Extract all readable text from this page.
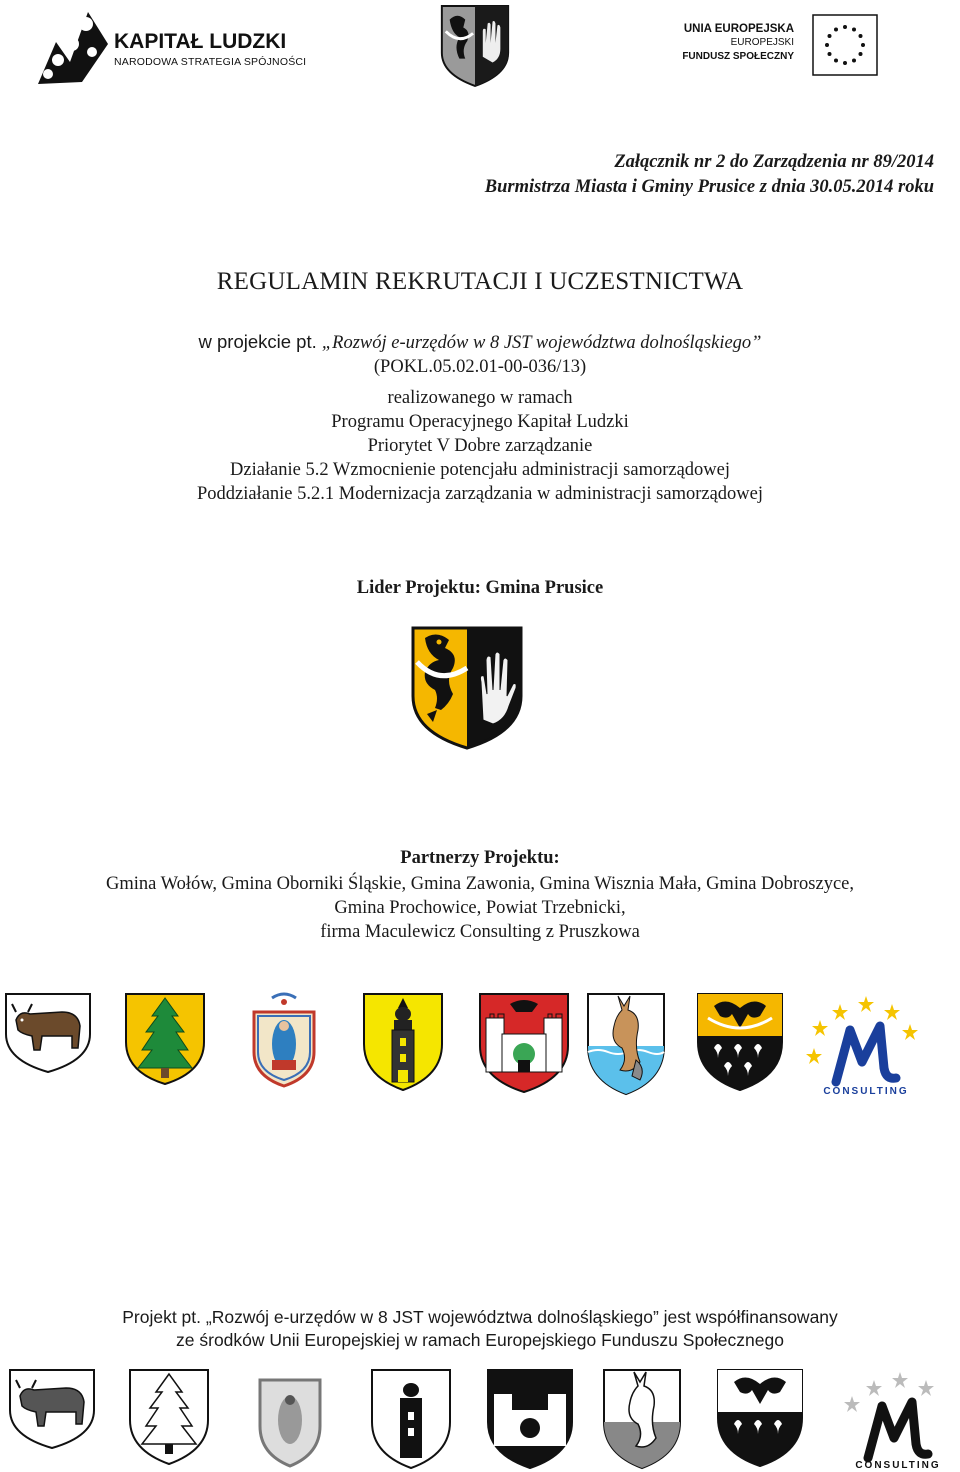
KAPITAŁ LUDZKI
NARODOWA STRATEGIA SPÓJNOŚCI
UNIA EUROPEJSKA
EUROPEJSKI
FUNDUSZ SPOŁECZNY
Załącznik nr 2 do Zarządzenia nr 89/2014
Burmistrza Miasta i Gminy Prusice z dnia 30.05.2014 roku
REGULAMIN REKRUTACJI I UCZESTNICTWA
w projekcie pt. „Rozwój e-urzędów w 8 JST województwa dolnośląskiego”
(POKL.05.02.01-00-036/13)
realizowanego w ramach
Programu Operacyjnego Kapitał Ludzki
Priorytet V Dobre zarządzanie
Działanie 5.2 Wzmocnienie potencjału administracji samorządowej
Poddziałanie 5.2.1 Modernizacja zarządzania w administracji samorządowej
Lider Projektu: Gmina Prusice
Partnerzy Projektu:
Gmina Wołów, Gmina Oborniki Śląskie, Gmina Zawonia, Gmina Wisznia Mała, Gmina Dobroszyce,
Gmina Prochowice, Powiat Trzebnicki,
firma Maculewicz Consulting z Pruszkowa
CONSULTING
Projekt pt. „Rozwój e-urzędów w 8 JST województwa dolnośląskiego” jest współfinansowany
ze środków Unii Europejskiej w ramach Europejskiego Funduszu Społecznego
CONSULTING
